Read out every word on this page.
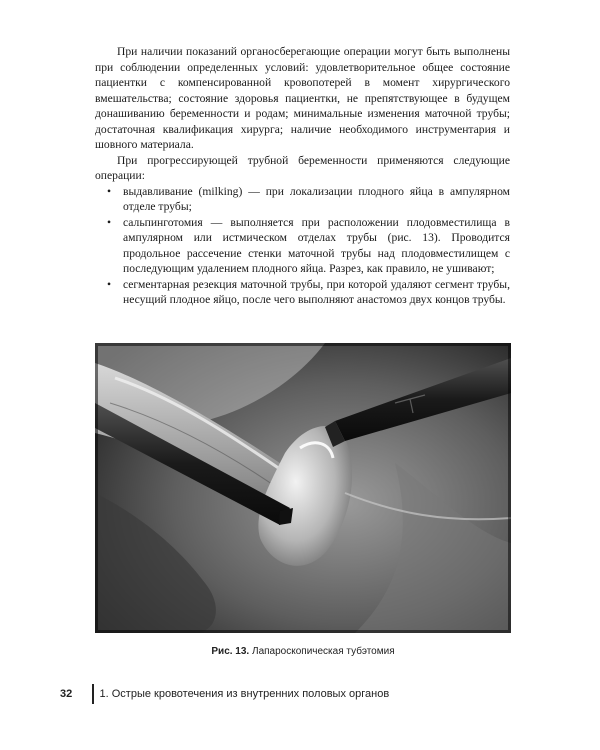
При наличии показаний органосберегающие операции могут быть выполнены при соблюдении определенных условий: удовлетворительное общее состояние пациентки с компенсированной кровопотерей в момент хирургического вмешательства; состояние здоровья пациентки, не препятствующее в будущем донашиванию беременности и родам; минимальные изменения маточной трубы; достаточная квалификация хирурга; наличие необходимого инструментария и шовного материала.

При прогрессирующей трубной беременности применяются следующие операции:

• выдавливание (milking) — при локализации плодного яйца в ампулярном отделе трубы;
• сальпинготомия — выполняется при расположении плодовместилища в ампулярном или истмическом отделах трубы (рис. 13). Проводится продольное рассечение стенки маточной трубы над плодовместилищем с последующим удалением плодного яйца. Разрез, как правило, не ушивают;
• сегментарная резекция маточной трубы, при которой удаляют сегмент трубы, несущий плодное яйцо, после чего выполняют анастомоз двух концов трубы.
Рис. 13. Лапароскопическая тубэтомия
32	1. Острые кровотечения из внутренних половых органов
